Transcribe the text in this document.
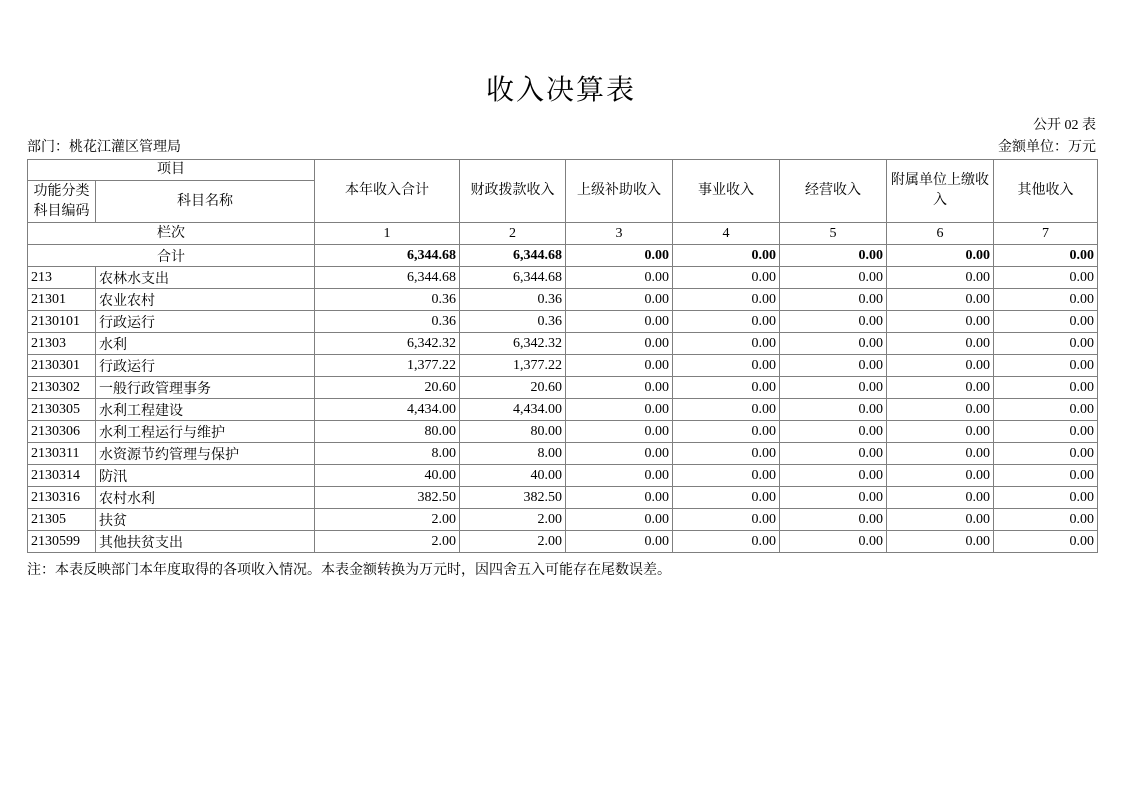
收入决算表
公开 02 表
部门：桃花江灌区管理局	金额单位：万元
项目		本年收入合计	财政拨款收入	上级补助收入	事业收入	经营收入	附属单位上缴收入	其他收入
功能分类科目编码	科目名称							
栏次		1	2	3	4	5	6	7
合计		6,344.68	6,344.68	0.00	0.00	0.00	0.00	0.00
213	农林水支出	6,344.68	6,344.68	0.00	0.00	0.00	0.00	0.00
21301	农业农村	0.36	0.36	0.00	0.00	0.00	0.00	0.00
2130101	行政运行	0.36	0.36	0.00	0.00	0.00	0.00	0.00
21303	水利	6,342.32	6,342.32	0.00	0.00	0.00	0.00	0.00
2130301	行政运行	1,377.22	1,377.22	0.00	0.00	0.00	0.00	0.00
2130302	一般行政管理事务	20.60	20.60	0.00	0.00	0.00	0.00	0.00
2130305	水利工程建设	4,434.00	4,434.00	0.00	0.00	0.00	0.00	0.00
2130306	水利工程运行与维护	80.00	80.00	0.00	0.00	0.00	0.00	0.00
2130311	水资源节约管理与保护	8.00	8.00	0.00	0.00	0.00	0.00	0.00
2130314	防汛	40.00	40.00	0.00	0.00	0.00	0.00	0.00
2130316	农村水利	382.50	382.50	0.00	0.00	0.00	0.00	0.00
21305	扶贫	2.00	2.00	0.00	0.00	0.00	0.00	0.00
2130599	其他扶贫支出	2.00	2.00	0.00	0.00	0.00	0.00	0.00
注：本表反映部门本年度取得的各项收入情况。本表金额转换为万元时，因四舍五入可能存在尾数误差。
